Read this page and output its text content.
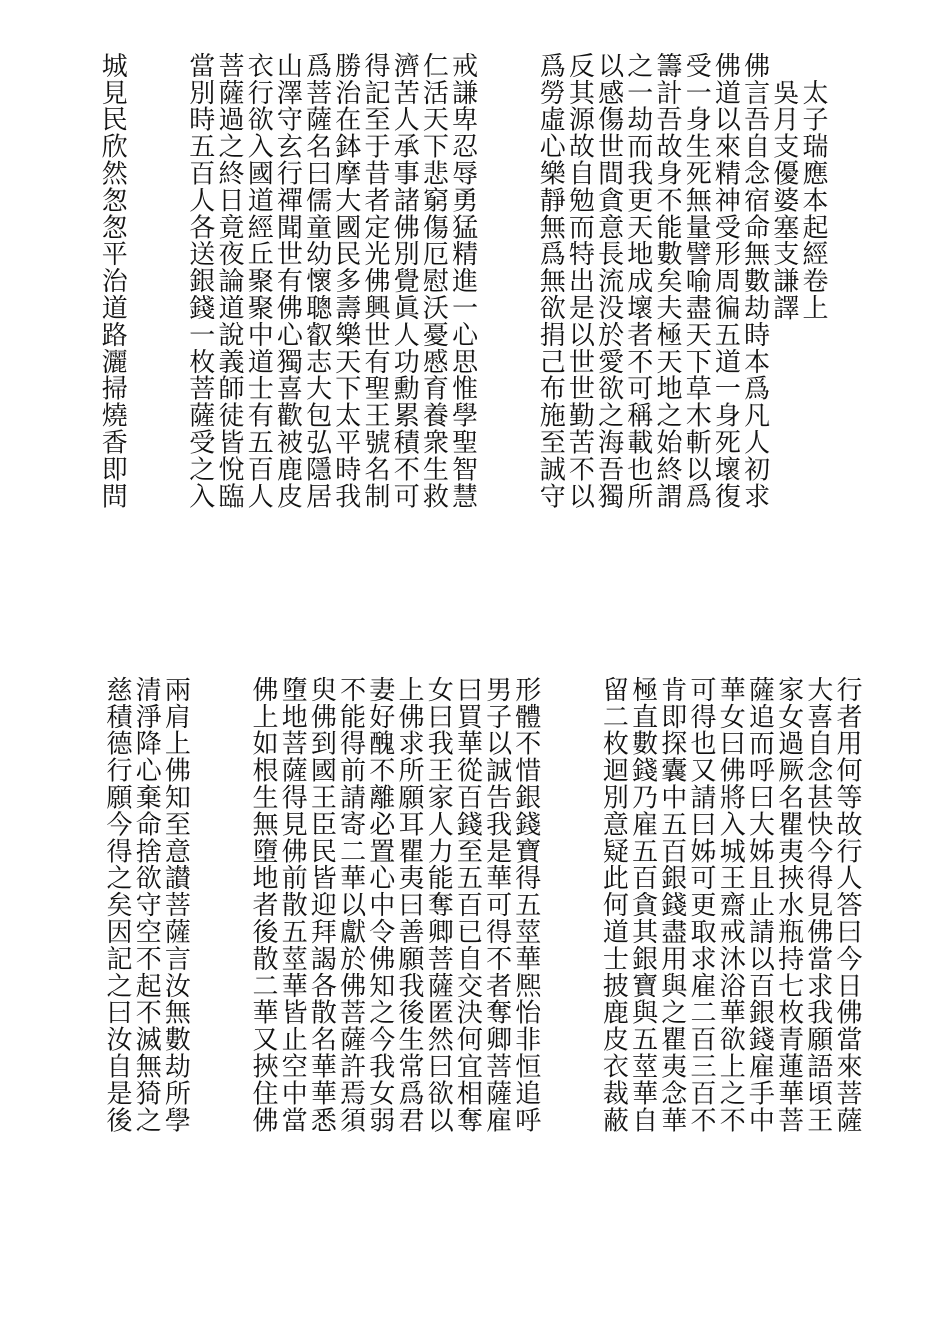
　太子瑞應本起經卷上
　吳月支優婆塞支謙譯
佛言吾自念宿命無數劫時本爲凡人初求
佛道以來精神受形周徧五道一身死壞復
受一身生死無量譬喻盡天下草木斬以爲
籌計吾故身不能數矣夫極天地之始終謂
之一劫而我更天地成壞者不可稱載也所
以感傷世間貪意長流没於愛欲之海吾獨
反其源故自勉而特出是以世世勤苦不以
爲勞虛心樂靜無爲無欲捐己布施至誠守
戒謙卑忍辱勇猛精進一心思惟學聖智慧
仁活天下悲窮傷厄慰沃憂慼育養衆生救
濟苦人承事諸佛別覺眞人功勳累積不可
得記至于昔者定光佛興世有聖王號名制
勝治在鉢摩大國民多壽樂天下太平時我
爲菩薩名曰儒童幼懷聰叡志大包弘隱居
山澤守玄行禪聞世有佛心獨喜歡被鹿皮
衣行欲入國道經丘聚聚中道士有五百人
菩薩過之終日竟夜論道說義師徒皆悅臨
當別時五百人各送銀錢一枚菩薩受之入
城見民欣然怱怱平治道路灑掃燒香即問
行者用何等故行人答曰今日佛當來菩薩
大喜自念甚快今得見佛當求我願語頃王
家女過厥名瞿夷挾水瓶持七枚青蓮華菩
薩追而呼曰大姊且止請以百銀錢雇手中
華女曰佛將入城王齋戒沐浴華欲上之不
可得也又請曰姊可更取求雇二百三百不
肯即探囊中五百銀錢盡用與之瞿夷念華
極直數錢乃雇五百貪其銀寶與五莖華自
留二枚迴別意疑此何道士披鹿皮衣裁蔽
形體不惜銀錢寶得五莖華熈怡非恒追呼
男子以誠告我是華可得不者奪卿菩薩雇
曰買華從百錢至五百已自交決何宜相奪
女曰我王家人力能奪卿菩薩匿然曰欲以
上佛求所願耳瞿夷曰善願我後生常爲君
妻好醜不離必置心中令佛知之今我女弱
不能得前請寄二華以獻於佛菩薩許焉須
臾佛到國王臣民皆迎拜謁各散名華華悉
墮地菩薩得見佛前散五莖華皆止空中當
佛上如根生無墮地者後散二華又挾住佛
兩肩上佛知至意讃菩薩言汝無數劫所學
清淨降心棄命捨欲守空不起不滅無猗之
慈積德行願今得之矣因記之曰汝自是後
